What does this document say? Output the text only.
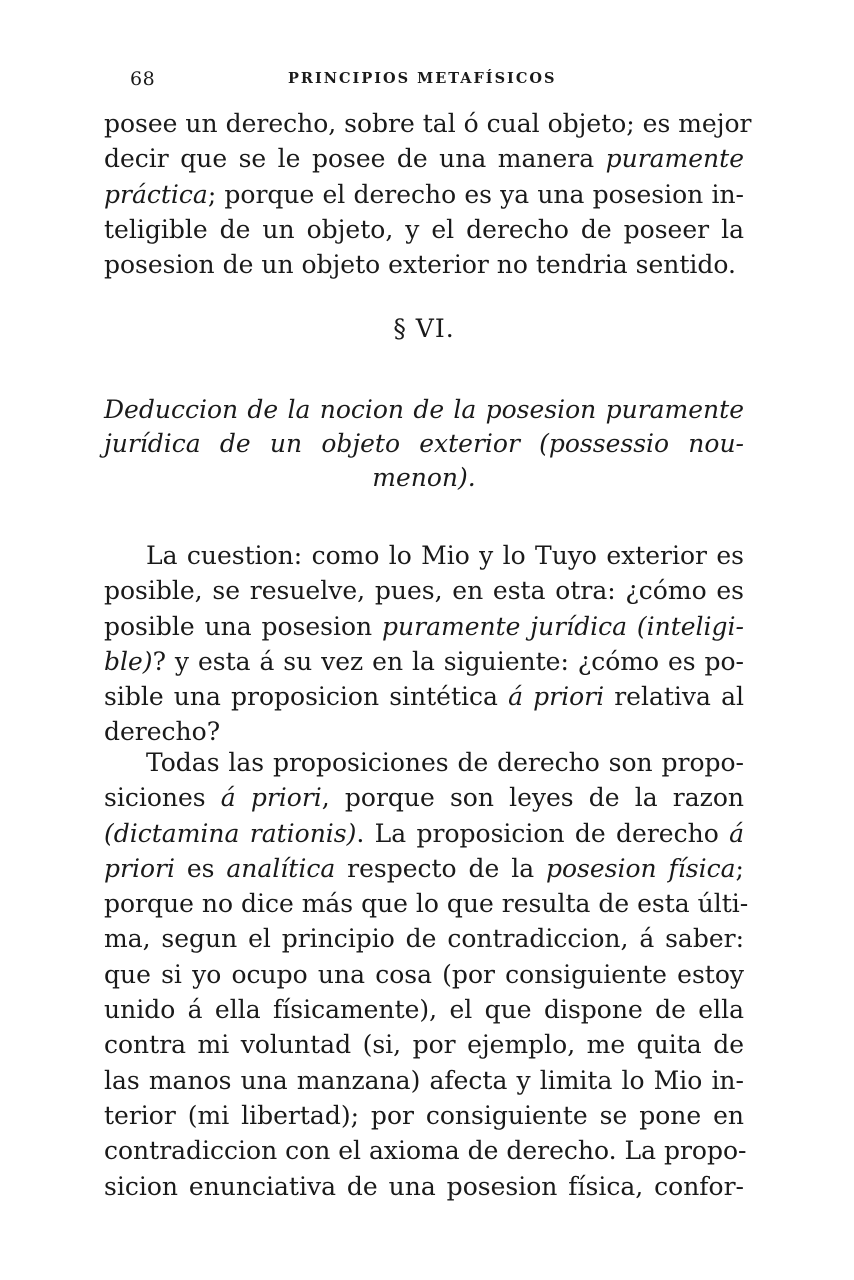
68	PRINCIPIOS METAFÍSICOS
posee un derecho, sobre tal ó cual objeto; es mejor
decir que se le posee de una manera puramente
práctica; porque el derecho es ya una posesion in-
teligible de un objeto, y el derecho de poseer la
posesion de un objeto exterior no tendria sentido.
§ VI.
Deduccion de la nocion de la posesion puramente
jurídica de un objeto exterior (possessio nou-
menon).
La cuestion: como lo Mio y lo Tuyo exterior es
posible, se resuelve, pues, en esta otra: ¿cómo es
posible una posesion puramente jurídica (inteligi-
ble)? y esta á su vez en la siguiente: ¿cómo es po-
sible una proposicion sintética á priori relativa al
derecho?
Todas las proposiciones de derecho son propo-
siciones á priori, porque son leyes de la razon
(dictamina rationis). La proposicion de derecho á
priori es analítica respecto de la posesion física;
porque no dice más que lo que resulta de esta últi-
ma, segun el principio de contradiccion, á saber:
que si yo ocupo una cosa (por consiguiente estoy
unido á ella físicamente), el que dispone de ella
contra mi voluntad (si, por ejemplo, me quita de
las manos una manzana) afecta y limita lo Mio in-
terior (mi libertad); por consiguiente se pone en
contradiccion con el axioma de derecho. La propo-
sicion enunciativa de una posesion física, confor-
